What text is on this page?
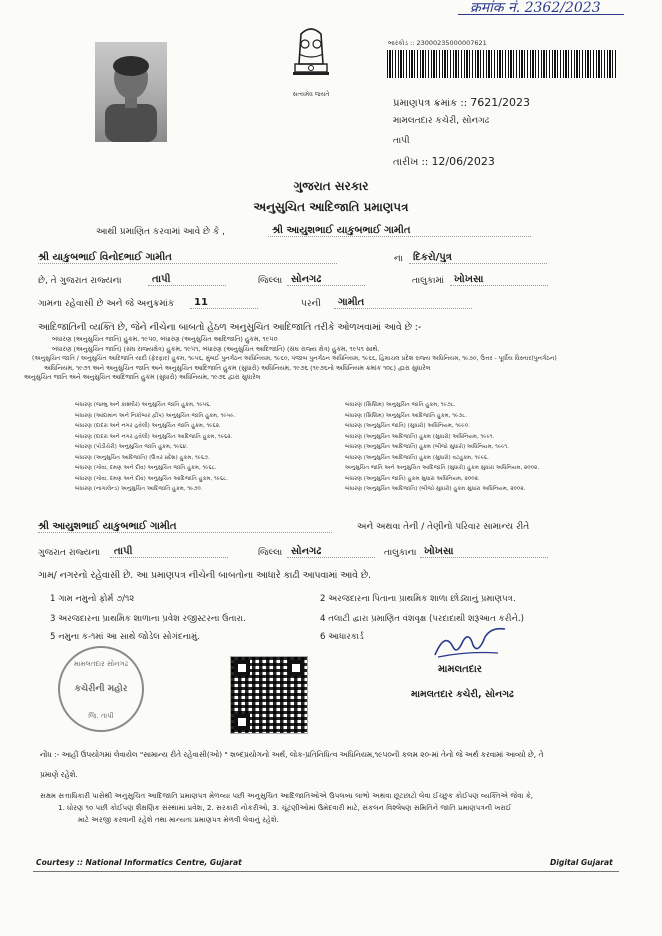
क्रमांक नं. 2362/2023
સત્યમેવ જયતે
બારકોડ :: 23000235000007621
પ્રમાણપત્ર ક્રમાંક :: 7621/2023
મામલતદાર કચેરી, સોનગઢ
તાપી
તારીખ :: 12/06/2023
ગુજરાત સરકાર
અનુસુચિત આદિજાતિ પ્રમાણપત્ર
આથી પ્રમાણિત કરવામાં આવે છે કે ,	શ્રી આયુશભાઈ યાકુબભાઈ ગામીત
શ્રી યાકુબભાઈ વિનોદભાઈ ગામીત	ના	દિકરો/પુત્ર
છે, તે ગુજરાત રાજ્યના	તાપી	જિલ્લા સોનગઢ	તાલુકામાં ખોખસા
ગામના રહેવાસી છે અને જે અનુક્રમાંક	11	પરની	ગામીત
આદિજાતિની વ્યક્તિ છે, જેને નીચેના બાબતો હેઠળ અનુસુચિત આદિજાતિ તરીકે ઓળખવામાં આવે છે :-
બંધારણ (અનુસુચિત જાતિ) હુકમ, ૧૯૫૦, બંધારણ (અનુસુચિત આદિજાતિ) હુકમ, ૧૯૫૦
બંધારણ (અનુસુચિત જાતિ) (સંઘ રાજ્યક્ષેત્ર) હુકમ, ૧૯૫૧, બંધારણ (અનુસુચિત આદિજાતિ) (સંઘ રાજ્ય ક્ષેત્ર) હુકમ, ૧૯૫૧ સાથે.
(અનુસુચિત જાતિ / અનુસુચિત આદિજાતિ યાદી (ફેરફાર) હુકમ, ૧૯૫૬, મુંબઈ પુનર્ગઠન અધિનિયમ, ૧૯૬૦, પંજાબ પુનર્ગઠન અધિનિયમ, ૧૯૬૬, હિમાચલ પ્રદેશ રાજ્ય અધિનિયમ, ૧૯૭૦, ઉત્તર - પૂર્વીય વિસ્તાર(પુનર્ગઠન)
અધિનિયમ, ૧૯૭૧ અને અનુસુચિત જાતિ અને અનુસુચિત આદિજાતિ હુકમ (સુધારો) અધિનિયમ, ૧૯૭૬ (૧૯૭૬નો અધિનિયમ ક્રમાંક ૧૦૮) દ્વારા સુધારેલ
અનુસુચિત જાતિ અને અનુસુચિત આદિજાતિ હુકમ (સુધારો) અધિનિયમ, ૧૯૭૬ દ્વારા સુધારેલ
બંધારણ (જમ્મુ અને કાશ્મીર) અનુસુચિત જાતિ હુકમ, ૧૯૫૬.
બંધારણ (આંદામાન અને નિકોબાર દ્વીપ) અનુસુચિત જાતિ હુકમ, ૧૯૫૯.
બંધારણ (દાદરા અને નગર હવેલી) અનુસુચિત જાતિ હુકમ, ૧૯૬૨.
બંધારણ (દાદરા અને નગર હવેલી) અનુસુચિત આદિજાતિ હુકમ, ૧૯૬૨.
બંધારણ (પોંડીચેરી) અનુસુચિત જાતિ હુકમ, ૧૯૬૪.
બંધારણ (અનુસુચિત આદિજાતિ) (ઉત્તર પ્રદેશ) હુકમ, ૧૯૬૭.
બંધારણ (ગોવા, દમણ અને દીવ) અનુસુચિત જાતિ હુકમ, ૧૯૬૮.
બંધારણ (ગોવા, દમણ અને દીવ) અનુસુચિત આદિજાતિ હુકમ, ૧૯૬૮.
બંધારણ (નાગાલેન્ડ) અનુસુચિત આદિજાતિ હુકમ, ૧૯૭૦.
બંધારણ (સિક્કિમ) અનુસુચિત જાતિ હુકમ, ૧૯૭૮.
બંધારણ (સિક્કિમ) અનુસુચિત આદિજાતિ હુકમ, ૧૯૭૮.
બંધારણ (અનુસુચિત જાતિ) (સુધારો) અધિનિયમ, ૧૯૯૦.
બંધારણ (અનુસુચિત આદિજાતિ) હુકમ (સુધારો) અધિનિયમ, ૧૯૯૧.
બંધારણ (અનુસુચિત આદિજાતિ) હુકમ (બીજો સુધારો) અધિનિયમ, ૧૯૯૧.
બંધારણ (અનુસુચિત આદિજાતિ) હુકમ (સુધારો) વટહુકમ, ૧૯૯૬.
અનુસુચિત જાતિ અને અનુસુચિત આદિજાતિ (સુધારો) હુકમ સુધારા અધિનિયમ, ૨૦૦૨.
બંધારણ (અનુસુચિત જાતિ) હુકમ સુધારા અધિનિયમ, ૨૦૦૨.
બંધારણ (અનુસુચિત આદિજાતિ) (બીજો સુધારો) હુકમ સુધારા અધિનિયમ, ૨૦૦૨.
શ્રી આયુશભાઈ યાકુબભાઈ ગામીત	અને અથવા તેની / તેણીનો પરિવાર સામાન્ય રીતે
ગુજરાત રાજ્યના	તાપી	જિલ્લા સોનગઢ	તાલુકાના ખોખસા
ગામ/ નગરનો રહેવાસી છે. આ પ્રમાણપત્ર નીચેની બાબતોના આધારે કાઢી આપવામાં આવે છે.
1 ગામ નમુનો ફોર્મ ૭/૧૨	2 અરજદારના પિતાના પ્રાથમિક શાળા છોડ્યાનું પ્રમાણપત્ર.
3 અરજદારના પ્રાથમિક શાળાના પ્રવેશ રજીસ્ટરના ઉતારા.	4 તલાટી દ્વારા પ્રમાણિત વંશવૃક્ષ (પરદાદાથી શરૂઆત કરીને.)
5 નમુના ક-૧માં આ સાથે જોડેલ સોગંદનામું.	6 આધારકાર્ડ
મામલતદાર સોનગઢ
કચેરીની મહોર
જિ. તાપી
મામલતદાર
મામલતદાર કચેરી, સોનગઢ
નોંધ :- આહીં ઉપયોગમાં લેવાયેલ "સામાન્ય રીતે રહેવાસી(ઓ) " શબ્દપ્રયોગનો અર્થ, લોક-પ્રતિનિધિત્વ અધિનિયમ,૧૯૫૦ની કલમ ૨૦-માં તેનો જે અર્થ કરવામાં આવ્યો છે, તે
પ્રમાણે રહેશે.
સક્ષમ સત્તાધિકારી પાસેથી અનુસુચિત આદિજાતિ પ્રમાણપત્ર મેળવ્યા પછી અનુસુચિત આદિજાતિઓએ ઉપલબ્ધ લાભો અથવા છૂટછાટો લેવા ઈચ્છુક કોઈપણ વ્યક્તિએ જેવા કે,
1. ધોરણ ૧૦ પછી કોઈપણ શૈક્ષણિક સંસ્થામાં પ્રવેશ, 2. સરકારી નોકરીઓ, 3. ચૂંટણીઓમાં ઉમેદવારી માટે, સંકલન વિશ્લેષણ સમિતિને જાતિ પ્રમાણપત્રની ખરાઈ
માટે અરજી કરવાની રહેશે તથા માન્યતા પ્રમાણપત્ર મેળવી લેવાનું રહેશે.
Courtesy :: National Informatics Centre, Gujarat	Digital Gujarat
